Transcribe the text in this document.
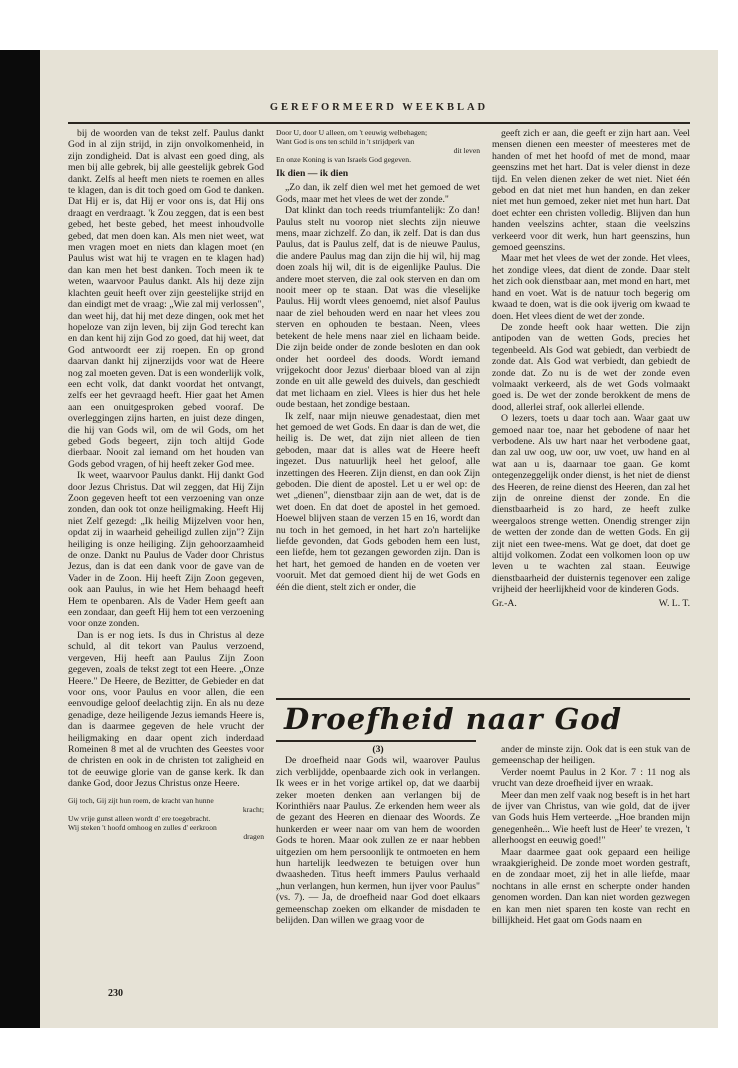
GEREFORMEERD WEEKBLAD

bij de woorden van de tekst zelf. Paulus dankt God in al zijn strijd, in zijn onvolkomenheid, in zijn zondigheid. Dat is alvast een goed ding, als men bij alle gebrek, bij alle geestelijk gebrek God dankt. Zelfs al heeft men niets te roemen en alles te klagen, dan is dit toch goed om God te danken. Dat Hij er is, dat Hij er voor ons is, dat Hij ons draagt en verdraagt. 'k Zou zeggen, dat is een best gebed, het beste gebed, het meest inhoudvolle gebed, dat men doen kan. Als men niet weet, wat men vragen moet en niets dan klagen moet (en Paulus wist wat hij te vragen en te klagen had) dan kan men het best danken. Toch meen ik te weten, waarvoor Paulus dankt. Als hij deze zijn klachten geuit heeft over zijn geestelijke strijd en dan eindigt met de vraag: „Wie zal mij verlossen", dan weet hij, dat hij met deze dingen, ook met het hopeloze van zijn leven, bij zijn God terecht kan en dan kent hij zijn God zo goed, dat hij weet, dat God antwoordt eer zij roepen. En op grond daarvan dankt hij zijnerzijds voor wat de Heere nog zal moeten geven. Dat is een wonderlijk volk, een echt volk, dat dankt voordat het ontvangt, zelfs eer het gevraagd heeft. Hier gaat het Amen aan een onuitgesproken gebed vooraf. De overleggingen zijns harten, en juist deze dingen, die hij van Gods wil, om de wil Gods, om het gebed Gods begeert, zijn toch altijd Gode dierbaar. Nooit zal iemand om het houden van Gods gebod vragen, of hij heeft zeker God mee.

Ik weet, waarvoor Paulus dankt. Hij dankt God door Jezus Christus. Dat wil zeggen, dat Hij Zijn Zoon gegeven heeft tot een verzoening van onze zonden, dan ook tot onze heiligmaking. Heeft Hij niet Zelf gezegd: „Ik heilig Mijzelven voor hen, opdat zij in waarheid geheiligd zullen zijn"? Zijn heiliging is onze heiliging. Zijn gehoorzaamheid de onze. Dankt nu Paulus de Vader door Christus Jezus, dan is dat een dank voor de gave van de Vader in de Zoon. Hij heeft Zijn Zoon gegeven, ook aan Paulus, in wie het Hem behaagd heeft Hem te openbaren. Als de Vader Hem geeft aan een zondaar, dan geeft Hij hem tot een verzoening voor onze zonden.

Dan is er nog iets. Is dus in Christus al deze schuld, al dit tekort van Paulus verzoend, vergeven, Hij heeft aan Paulus Zijn Zoon gegeven, zoals de tekst zegt tot een Heere. „Onze Heere." De Heere, de Bezitter, de Gebieder en dat voor ons, voor Paulus en voor allen, die een eenvoudige geloof deelachtig zijn. En als nu deze genadige, deze heiligende Jezus iemands Heere is, dan is daarmee gegeven de hele vrucht der heiligmaking en daar opent zich inderdaad Romeinen 8 met al de vruchten des Geestes voor de christen en ook in de christen tot zaligheid en tot de eeuwige glorie van de ganse kerk. Ik dan danke God, door Jezus Christus onze Heere.

Gij toch, Gij zijt hun roem, de kracht van hunne
kracht;
Uw vrije gunst alleen wordt d' ere toegebracht.
Wij steken 't hoofd omhoog en zulles d' eerkroon
dragen
Door U, door U alleen, om 't eeuwig welbehagen;
Want God is ons ten schild in 't strijdperk van
dit leven
En onze Koning is van Israels God gegeven.
Ik dien — ik dien

„Zo dan, ik zelf dien wel met het gemoed de wet Gods, maar met het vlees de wet der zonde."

Dat klinkt dan toch reeds triumfantelijk: Zo dan! Paulus stelt nu voorop niet slechts zijn nieuwe mens, maar zichzelf. Zo dan, ik zelf. Dat is dan dus Paulus, dat is Paulus zelf, dat is de nieuwe Paulus, die andere Paulus mag dan zijn die hij wil, hij mag doen zoals hij wil, dit is de eigenlijke Paulus. Die andere moet sterven, die zal ook sterven en dan om nooit meer op te staan. Dat was die vleselijke Paulus. Hij wordt vlees genoemd, niet alsof Paulus naar de ziel behouden werd en naar het vlees zou sterven en ophouden te bestaan. Neen, vlees betekent de hele mens naar ziel en lichaam beide. Die zijn beide onder de zonde besloten en dan ook onder het oordeel des doods. Wordt iemand vrijgekocht door Jezus' dierbaar bloed van al zijn zonde en uit alle geweld des duivels, dan geschiedt dat met lichaam en ziel. Vlees is hier dus het hele oude bestaan, het zondige bestaan.

Ik zelf, naar mijn nieuwe genadestaat, dien met het gemoed de wet Gods. En daar is dan de wet, die heilig is. De wet, dat zijn niet alleen de tien geboden, maar dat is alles wat de Heere heeft ingezet. Dus natuurlijk heel het geloof, alle inzettingen des Heeren. Zijn dienst, en dan ook Zijn geboden. Die dient de apostel. Let u er wel op: de wet „dienen", dienstbaar zijn aan de wet, dat is de wet doen. En dat doet de apostel in het gemoed. Hoewel blijven staan de verzen 15 en 16, wordt dan nu toch in het gemoed, in het hart zo'n hartelijke liefde gevonden, dat Gods geboden hem een lust, een liefde, hem tot gezangen geworden zijn. Dan is het hart, het gemoed de handen en de voeten ver vooruit. Met dat gemoed dient hij de wet Gods en één die dient, stelt zich er onder, die

geeft zich er aan, die geeft er zijn hart aan. Veel mensen dienen een meester of meesteres met de handen of met het hoofd of met de mond, maar geenszins met het hart. Dat is veler dienst in deze tijd. En velen dienen zeker de wet niet. Niet één gebod en dat niet met hun handen, en dan zeker niet met hun gemoed, zeker niet met hun hart. Dat doet echter een christen volledig. Blijven dan hun handen veelszins achter, staan die veelszins verkeerd voor dit werk, hun hart geenszins, hun gemoed geenszins.

Maar met het vlees de wet der zonde. Het vlees, het zondige vlees, dat dient de zonde. Daar stelt het zich ook dienstbaar aan, met mond en hart, met hand en voet. Wat is de natuur toch begerig om kwaad te doen, wat is die ook ijverig om kwaad te doen. Het vlees dient de wet der zonde.

De zonde heeft ook haar wetten. Die zijn antipoden van de wetten Gods, precies het tegenbeeld. Als God wat gebiedt, dan verbiedt de zonde dat. Als God wat verbiedt, dan gebiedt de zonde dat. Zo nu is de wet der zonde even volmaakt verkeerd, als de wet Gods volmaakt goed is. De wet der zonde berokkent de mens de dood, allerlei straf, ook allerlei ellende.

O lezers, toets u daar toch aan. Waar gaat uw gemoed naar toe, naar het gebodene of naar het verbodene. Als uw hart naar het verbodene gaat, dan zal uw oog, uw oor, uw voet, uw hand en al wat aan u is, daarnaar toe gaan. Ge komt ontegenzeggelijk onder dienst, is het niet de dienst des Heeren, de reine dienst des Heeren, dan zal het zijn de onreine dienst der zonde. En die dienstbaarheid is zo hard, ze heeft zulke weergaloos strenge wetten. Onendig strenger zijn de wetten der zonde dan de wetten Gods. En gij zijt niet een twee-mens. Wat ge doet, dat doet ge altijd volkomen. Zodat een volkomen loon op uw leven u te wachten zal staan. Eeuwige dienstbaarheid der duisternis tegenover een zalige vrijheid der heerlijkheid voor de kinderen Gods.

Gr.-A.	W. L. T.
Droefheid naar God
(3)

De droefheid naar Gods wil, waarover Paulus zich verblijdde, openbaarde zich ook in verlangen. Ik wees er in het vorige artikel op, dat we daarbij zeker moeten denken aan verlangen bij de Korinthiërs naar Paulus. Ze erkenden hem weer als de gezant des Heeren en dienaar des Woords. Ze hunkerden er weer naar om van hem de woorden Gods te horen. Maar ook zullen ze er naar hebben uitgezien om hem persoonlijk te ontmoeten en hem hun hartelijk leedwezen te betuigen over hun dwaasheden. Titus heeft immers Paulus verhaald „hun verlangen, hun kermen, hun ijver voor Paulus" (vs. 7). — Ja, de droefheid naar God doet elkaars gemeenschap zoeken om elkander de misdaden te belijden. Dan willen we graag voor de

ander de minste zijn. Ook dat is een stuk van de gemeenschap der heiligen.

Verder noemt Paulus in 2 Kor. 7 : 11 nog als vrucht van deze droefheid ijver en wraak.

Meer dan men zelf vaak nog beseft is in het hart de ijver van Christus, van wie gold, dat de ijver van Gods huis Hem verteerde. „Hoe branden mijn genegenheên... Wie heeft lust de Heer' te vrezen, 't allerhoogst en eeuwig goed!"

Maar daarmee gaat ook gepaard een heilige wraakgierigheid. De zonde moet worden gestraft, en de zondaar moet, zij het in alle liefde, maar nochtans in alle ernst en scherpte onder handen genomen worden. Dan kan niet worden gezwegen en kan men niet sparen ten koste van recht en billijkheid. Het gaat om Gods naam en

230
